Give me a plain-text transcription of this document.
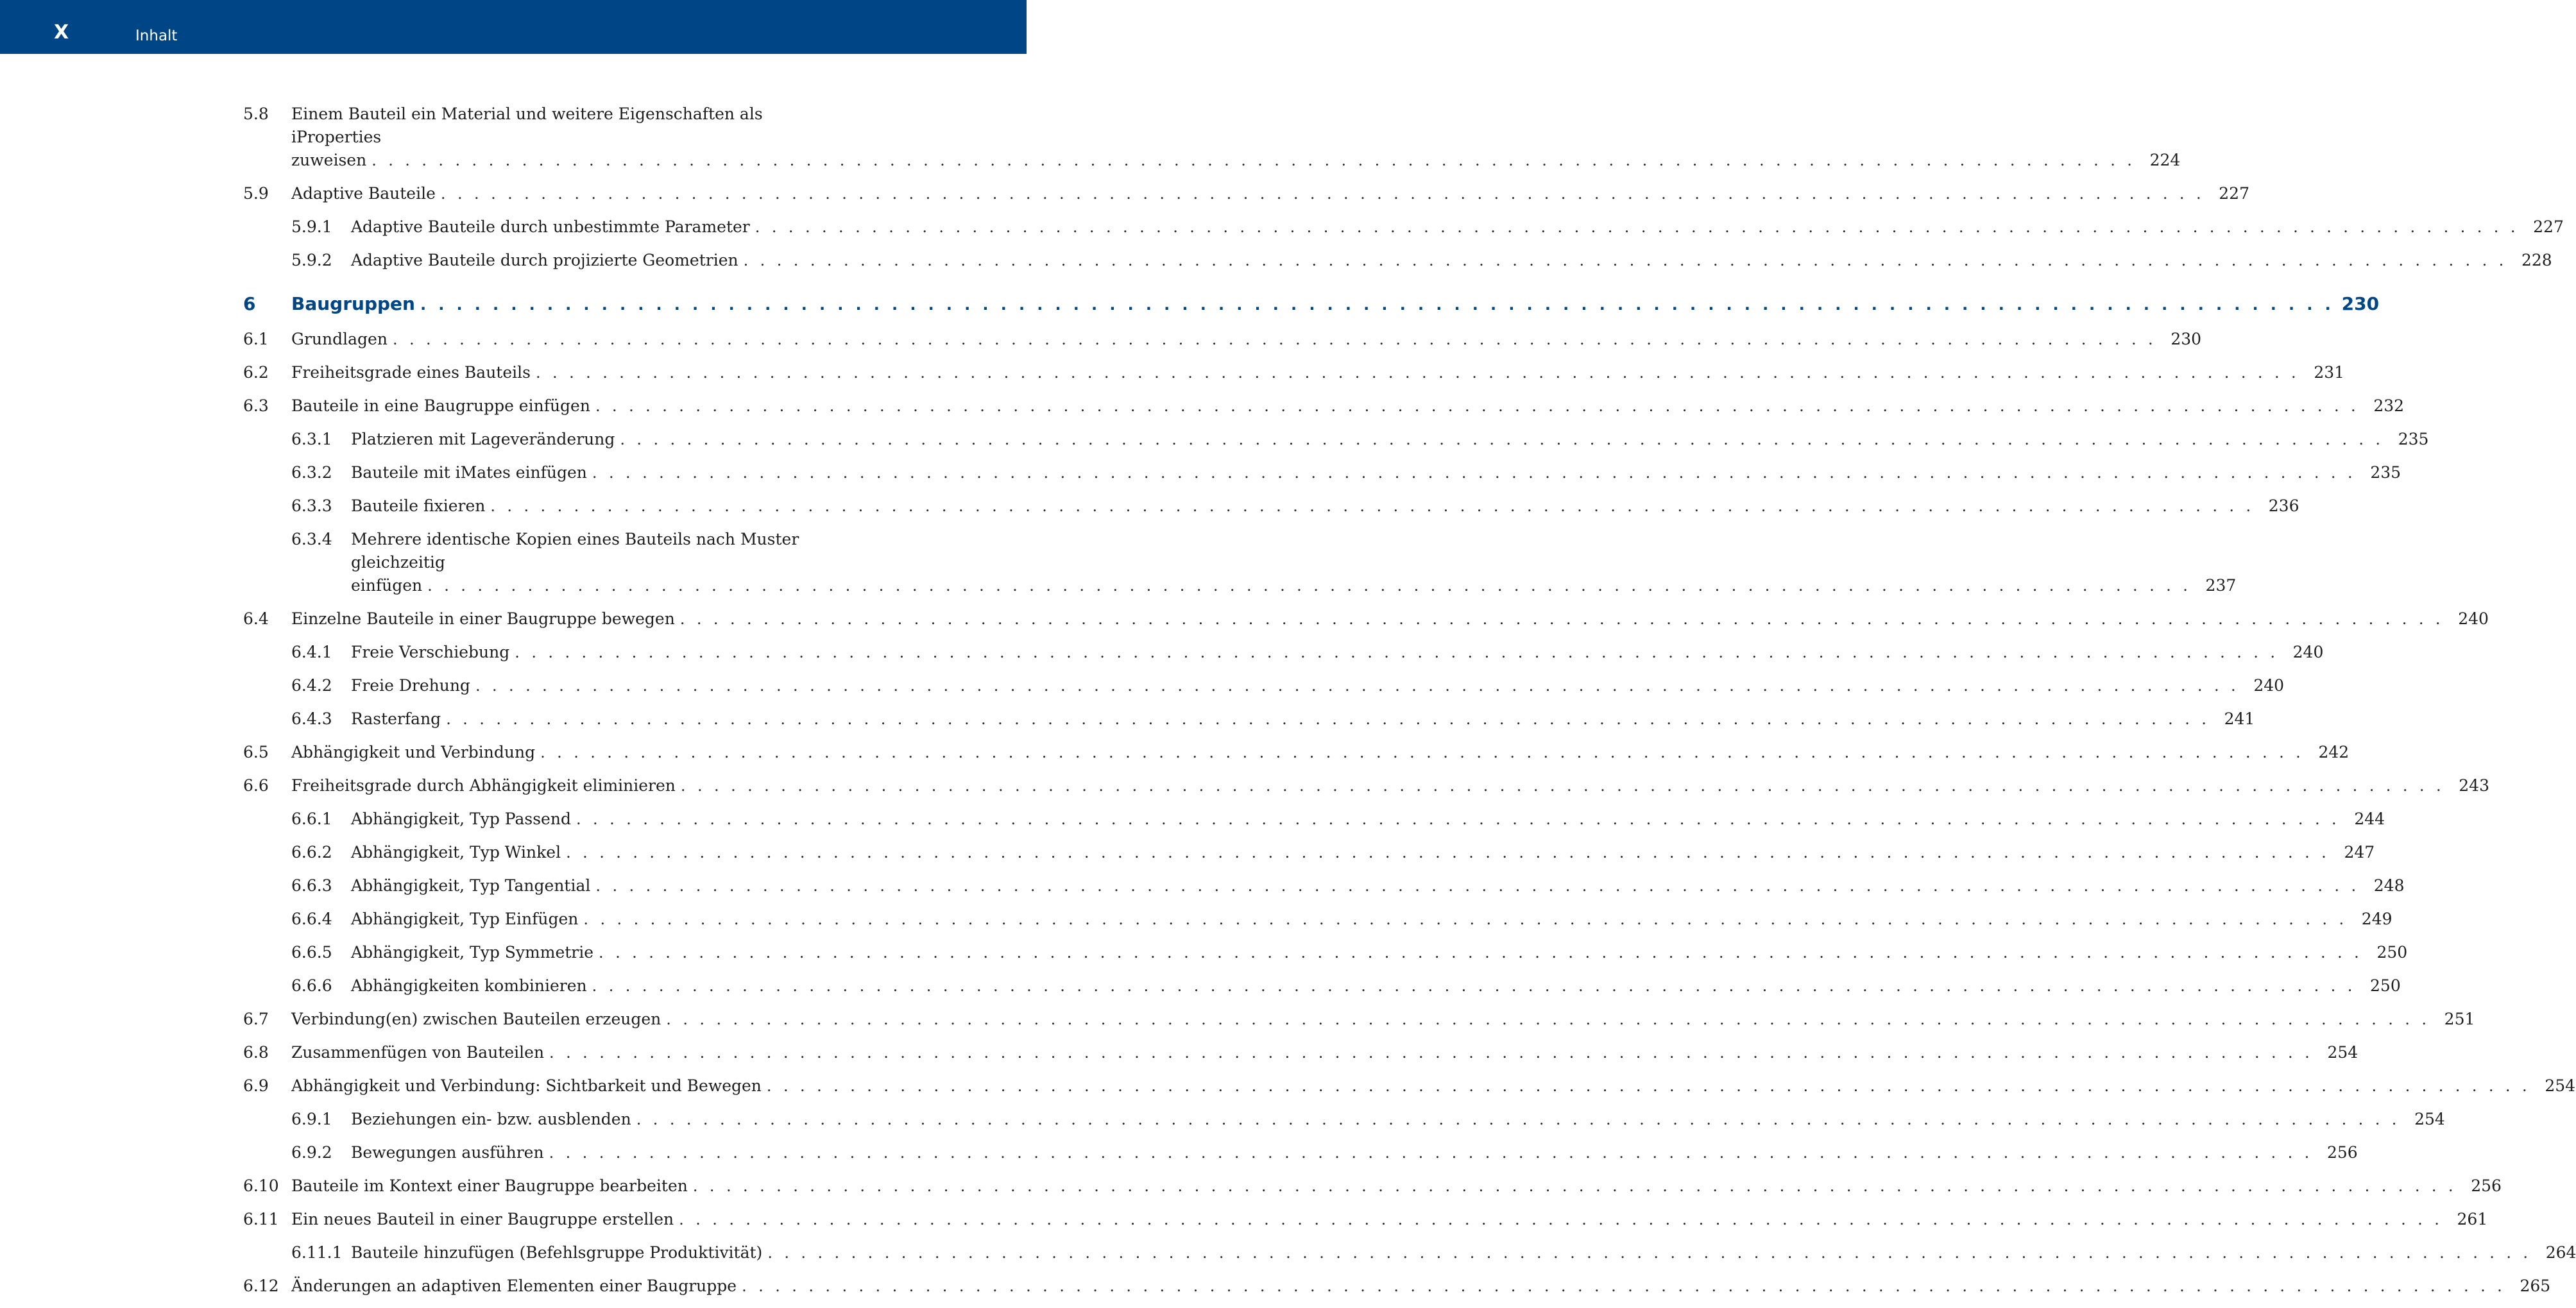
X	Inhalt
5.8 Einem Bauteil ein Material und weitere Eigenschaften als iProperties
zuweisen . . . . . . . . . . . . . . . . . . . . . . . . . . . . . . . . . . . . . . . . . . . . . . . . . . . . . . . . . . . . . . . . . . . . . . . . . . . . . . . . . . . . . . . . . . . . . . . . . . . . . . . . . . 224
5.9 Adaptive Bauteile . . . . . . . . . . . . . . . . . . . . . . . . . . . . . . . . . . . . . . . . . . . . . . . . . . . . . . . . . . . . . . . . . . . . . . . . . . . . . . . . . . . . . . . . . . . . . . . . . . . . . . . . . . 227
5.9.1 Adaptive Bauteile durch unbestimmte Parameter . . . . . . . . . . . . . . . . . . . . . . . . . . . . . . . . . . . . . . . . . . . . . . . . . . . . . . . . . . . . . . . . . . . . . . . . . . . . . . . . . . . . . . . . . . . . . . . . . . . . . . . . . . 227
5.9.2 Adaptive Bauteile durch projizierte Geometrien . . . . . . . . . . . . . . . . . . . . . . . . . . . . . . . . . . . . . . . . . . . . . . . . . . . . . . . . . . . . . . . . . . . . . . . . . . . . . . . . . . . . . . . . . . . . . . . . . . . . . . . . . . 228
6 Baugruppen . . . . . . . . . . . . . . . . . . . . . . . . . . . . . . . . . . . . . . . . . . . . . . . . . . . . . . . . . . . . . . . . . . . . . . . . . . . . . . . . . . . . . . . . . . . . . . . . . . . . . . . . . . 230
6.1 Grundlagen . . . . . . . . . . . . . . . . . . . . . . . . . . . . . . . . . . . . . . . . . . . . . . . . . . . . . . . . . . . . . . . . . . . . . . . . . . . . . . . . . . . . . . . . . . . . . . . . . . . . . . . . . . 230
6.2 Freiheitsgrade eines Bauteils . . . . . . . . . . . . . . . . . . . . . . . . . . . . . . . . . . . . . . . . . . . . . . . . . . . . . . . . . . . . . . . . . . . . . . . . . . . . . . . . . . . . . . . . . . . . . . . . . . . . . . . . . . 231
6.3 Bauteile in eine Baugruppe einfügen . . . . . . . . . . . . . . . . . . . . . . . . . . . . . . . . . . . . . . . . . . . . . . . . . . . . . . . . . . . . . . . . . . . . . . . . . . . . . . . . . . . . . . . . . . . . . . . . . . . . . . . . . . 232
6.3.1 Platzieren mit Lageveränderung . . . . . . . . . . . . . . . . . . . . . . . . . . . . . . . . . . . . . . . . . . . . . . . . . . . . . . . . . . . . . . . . . . . . . . . . . . . . . . . . . . . . . . . . . . . . . . . . . . . . . . . . . . 235
6.3.2 Bauteile mit iMates einfügen . . . . . . . . . . . . . . . . . . . . . . . . . . . . . . . . . . . . . . . . . . . . . . . . . . . . . . . . . . . . . . . . . . . . . . . . . . . . . . . . . . . . . . . . . . . . . . . . . . . . . . . . . . 235
6.3.3 Bauteile fixieren . . . . . . . . . . . . . . . . . . . . . . . . . . . . . . . . . . . . . . . . . . . . . . . . . . . . . . . . . . . . . . . . . . . . . . . . . . . . . . . . . . . . . . . . . . . . . . . . . . . . . . . . . . 236
6.3.4 Mehrere identische Kopien eines Bauteils nach Muster gleichzeitig
einfügen . . . . . . . . . . . . . . . . . . . . . . . . . . . . . . . . . . . . . . . . . . . . . . . . . . . . . . . . . . . . . . . . . . . . . . . . . . . . . . . . . . . . . . . . . . . . . . . . . . . . . . . . . . 237
6.4 Einzelne Bauteile in einer Baugruppe bewegen . . . . . . . . . . . . . . . . . . . . . . . . . . . . . . . . . . . . . . . . . . . . . . . . . . . . . . . . . . . . . . . . . . . . . . . . . . . . . . . . . . . . . . . . . . . . . . . . . . . . . . . . . . 240
6.4.1 Freie Verschiebung . . . . . . . . . . . . . . . . . . . . . . . . . . . . . . . . . . . . . . . . . . . . . . . . . . . . . . . . . . . . . . . . . . . . . . . . . . . . . . . . . . . . . . . . . . . . . . . . . . . . . . . . . . 240
6.4.2 Freie Drehung . . . . . . . . . . . . . . . . . . . . . . . . . . . . . . . . . . . . . . . . . . . . . . . . . . . . . . . . . . . . . . . . . . . . . . . . . . . . . . . . . . . . . . . . . . . . . . . . . . . . . . . . . . 240
6.4.3 Rasterfang . . . . . . . . . . . . . . . . . . . . . . . . . . . . . . . . . . . . . . . . . . . . . . . . . . . . . . . . . . . . . . . . . . . . . . . . . . . . . . . . . . . . . . . . . . . . . . . . . . . . . . . . . . 241
6.5 Abhängigkeit und Verbindung . . . . . . . . . . . . . . . . . . . . . . . . . . . . . . . . . . . . . . . . . . . . . . . . . . . . . . . . . . . . . . . . . . . . . . . . . . . . . . . . . . . . . . . . . . . . . . . . . . . . . . . . . . 242
6.6 Freiheitsgrade durch Abhängigkeit eliminieren . . . . . . . . . . . . . . . . . . . . . . . . . . . . . . . . . . . . . . . . . . . . . . . . . . . . . . . . . . . . . . . . . . . . . . . . . . . . . . . . . . . . . . . . . . . . . . . . . . . . . . . . . . 243
6.6.1 Abhängigkeit, Typ Passend . . . . . . . . . . . . . . . . . . . . . . . . . . . . . . . . . . . . . . . . . . . . . . . . . . . . . . . . . . . . . . . . . . . . . . . . . . . . . . . . . . . . . . . . . . . . . . . . . . . . . . . . . . 244
6.6.2 Abhängigkeit, Typ Winkel . . . . . . . . . . . . . . . . . . . . . . . . . . . . . . . . . . . . . . . . . . . . . . . . . . . . . . . . . . . . . . . . . . . . . . . . . . . . . . . . . . . . . . . . . . . . . . . . . . . . . . . . . . 247
6.6.3 Abhängigkeit, Typ Tangential . . . . . . . . . . . . . . . . . . . . . . . . . . . . . . . . . . . . . . . . . . . . . . . . . . . . . . . . . . . . . . . . . . . . . . . . . . . . . . . . . . . . . . . . . . . . . . . . . . . . . . . . . . 248
6.6.4 Abhängigkeit, Typ Einfügen . . . . . . . . . . . . . . . . . . . . . . . . . . . . . . . . . . . . . . . . . . . . . . . . . . . . . . . . . . . . . . . . . . . . . . . . . . . . . . . . . . . . . . . . . . . . . . . . . . . . . . . . . . 249
6.6.5 Abhängigkeit, Typ Symmetrie . . . . . . . . . . . . . . . . . . . . . . . . . . . . . . . . . . . . . . . . . . . . . . . . . . . . . . . . . . . . . . . . . . . . . . . . . . . . . . . . . . . . . . . . . . . . . . . . . . . . . . . . . . 250
6.6.6 Abhängigkeiten kombinieren . . . . . . . . . . . . . . . . . . . . . . . . . . . . . . . . . . . . . . . . . . . . . . . . . . . . . . . . . . . . . . . . . . . . . . . . . . . . . . . . . . . . . . . . . . . . . . . . . . . . . . . . . . 250
6.7 Verbindung(en) zwischen Bauteilen erzeugen . . . . . . . . . . . . . . . . . . . . . . . . . . . . . . . . . . . . . . . . . . . . . . . . . . . . . . . . . . . . . . . . . . . . . . . . . . . . . . . . . . . . . . . . . . . . . . . . . . . . . . . . . . 251
6.8 Zusammenfügen von Bauteilen . . . . . . . . . . . . . . . . . . . . . . . . . . . . . . . . . . . . . . . . . . . . . . . . . . . . . . . . . . . . . . . . . . . . . . . . . . . . . . . . . . . . . . . . . . . . . . . . . . . . . . . . . . 254
6.9 Abhängigkeit und Verbindung: Sichtbarkeit und Bewegen . . . . . . . . . . . . . . . . . . . . . . . . . . . . . . . . . . . . . . . . . . . . . . . . . . . . . . . . . . . . . . . . . . . . . . . . . . . . . . . . . . . . . . . . . . . . . . . . . . . . . . . . . . 254
6.9.1 Beziehungen ein- bzw. ausblenden . . . . . . . . . . . . . . . . . . . . . . . . . . . . . . . . . . . . . . . . . . . . . . . . . . . . . . . . . . . . . . . . . . . . . . . . . . . . . . . . . . . . . . . . . . . . . . . . . . . . . . . . . . 254
6.9.2 Bewegungen ausführen . . . . . . . . . . . . . . . . . . . . . . . . . . . . . . . . . . . . . . . . . . . . . . . . . . . . . . . . . . . . . . . . . . . . . . . . . . . . . . . . . . . . . . . . . . . . . . . . . . . . . . . . . . 256
6.10 Bauteile im Kontext einer Baugruppe bearbeiten . . . . . . . . . . . . . . . . . . . . . . . . . . . . . . . . . . . . . . . . . . . . . . . . . . . . . . . . . . . . . . . . . . . . . . . . . . . . . . . . . . . . . . . . . . . . . . . . . . . . . . . . . . 256
6.11 Ein neues Bauteil in einer Baugruppe erstellen . . . . . . . . . . . . . . . . . . . . . . . . . . . . . . . . . . . . . . . . . . . . . . . . . . . . . . . . . . . . . . . . . . . . . . . . . . . . . . . . . . . . . . . . . . . . . . . . . . . . . . . . . . 261
6.11.1 Bauteile hinzufügen (Befehlsgruppe Produktivität) . . . . . . . . . . . . . . . . . . . . . . . . . . . . . . . . . . . . . . . . . . . . . . . . . . . . . . . . . . . . . . . . . . . . . . . . . . . . . . . . . . . . . . . . . . . . . . . . . . . . . . . . . . 264
6.12 Änderungen an adaptiven Elementen einer Baugruppe . . . . . . . . . . . . . . . . . . . . . . . . . . . . . . . . . . . . . . . . . . . . . . . . . . . . . . . . . . . . . . . . . . . . . . . . . . . . . . . . . . . . . . . . . . . . . . . . . . . . . . . . . . 265
